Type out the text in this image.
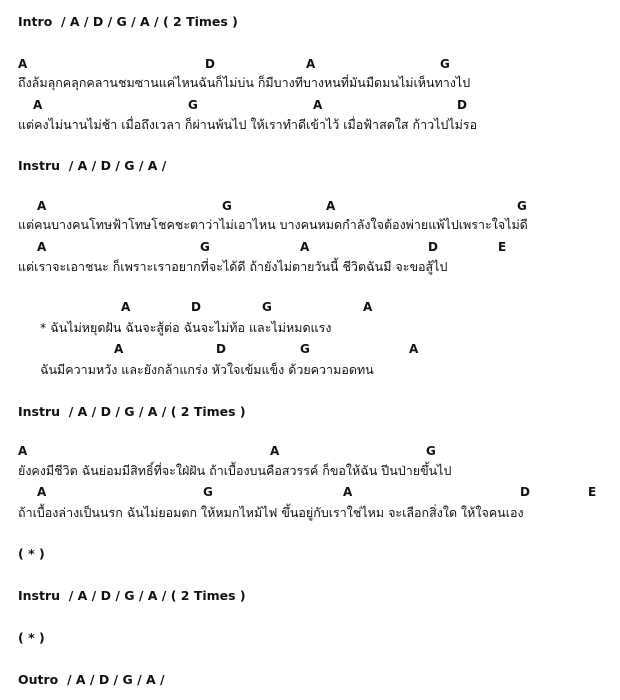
Intro  / A / D / G / A / ( 2 Times )
A	D	A	G
ถึงล้มลุกคลุกคลานชมซานแค่ไหนฉันก็ไม่บ่น ก็มีบางทีบางหนที่มันมืดมนไม่เห็นทางไป
A	G	A	D
แต่คงไม่นานไม่ช้า เมื่อถึงเวลา ก็ผ่านพ้นไป ให้เราทำดีเข้าไว้ เมื่อฟ้าสดใส ก้าวไปไม่รอ
Instru  / A / D / G / A /
A	G	A	G
แต่คนบางคนโทษฟ้าโทษโชคชะตาว่าไม่เอาไหน บางคนหมดกำลังใจต้องพ่ายแพ้ไปเพราะใจไม่ดี
A	G	A	D	E
แต่เราจะเอาชนะ ก็เพราะเราอยากที่จะได้ดี ถ้ายังไม่ตายวันนี้ ชีวิตฉันมี จะขอสู้ไป
A	D	G	A
* ฉันไม่หยุดฝัน ฉันจะสู้ต่อ ฉันจะไม่ท้อ และไม่หมดแรง
A	D	G	A
ฉันมีความหวัง และยังกล้าแกร่ง หัวใจเข้มแข็ง ด้วยความอดทน
Instru  / A / D / G / A / ( 2 Times )
A	A	G
ยังคงมีชีวิต ฉันย่อมมีสิทธิ์ที่จะใฝ่ฝัน ถ้าเบื้องบนคือสวรรค์ ก็ขอให้ฉัน ปีนป่ายขึ้นไป
A	G	A	D	E
ถ้าเบื้องล่างเป็นนรก ฉันไม่ยอมตก ให้หมกไหม้ไฟ ขึ้นอยู่กับเราใช่ไหม จะเลือกสิ่งใด ให้ใจคนเอง
( * )
Instru  / A / D / G / A / ( 2 Times )
( * )
Outro  / A / D / G / A /
